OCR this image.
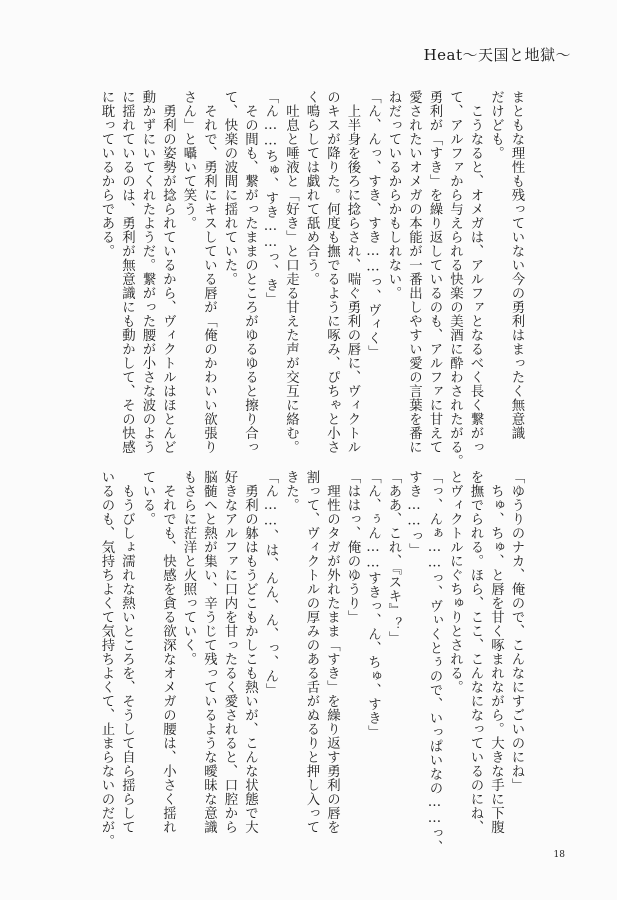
Heat〜天国と地獄〜
まともな理性も残っていない今の勇利はまったく無意識
だけども。
　こうなると、オメガは、アルファとなるべく長く繋がっ
て、アルファから与えられる快楽の美酒に酔わされたがる。
勇利が「すき」を繰り返しているのも、アルファに甘えて
愛されたいオメガの本能が一番出しやすい愛の言葉を番に
ねだっているからかもしれない。
「ん、んっ、すき、すき……っ、ヴィく」
　上半身を後ろに捻らされ、喘ぐ勇利の唇に、ヴィクトル
のキスが降りた。何度も撫でるように啄み、ぴちゃと小さ
く鳴らしては戯れて舐め合う。
　吐息と唾液と「好き」と口走る甘えた声が交互に絡む。
「ん……ちゅ、すき……っ、き」
　その間も、繋がったままのところがゆるゆると擦り合っ
て、快楽の波間に揺れていた。
　それで、勇利にキスしている唇が「俺のかわいい欲張り
さん」と囁いて笑う。
　勇利の姿勢が捻られているから、ヴィクトルはほとんど
動かずにいてくれたようだ。繋がった腰が小さな波のよう
に揺れているのは、勇利が無意識にも動かして、その快感
に耽っているからである。
「ゆうりのナカ、俺ので、こんなにすごいのにね」
　ちゅ、ちゅ、と唇を甘く啄まれながら。大きな手に下腹
を撫でられる。ほら、ここ、こんなになっているのにね、
とヴィクトルにぐちゅりとされる。
「っ、んぁ……っ、ヴぃくとぅので、いっぱいなの……っ、
すき……っ」
「ああ、これ、『スキ』？」
「ん、ぅん……すきっ、ん、ちゅ、すき」
「ははっ、俺のゆうり」
　理性のタガが外れたまま「すき」を繰り返す勇利の唇を
割って、ヴィクトルの厚みのある舌がぬるりと押し入って
きた。
「ん……、は、んん、ん、っ、ん」
　勇利の躰はもうどこもかしこも熱いが、こんな状態で大
好きなアルファに口内を甘ったるく愛されると、口腔から
脳髄へと熱が集い、辛うじて残っているような曖昧な意識
もさらに茫洋と火照っていく。
　それでも、快感を貪る欲深なオメガの腰は、小さく揺れ
ている。
　もうびしょ濡れな熱いところを、そうして自ら揺らして
いるのも、気持ちよくて気持ちよくて、止まらないのだが。
18
